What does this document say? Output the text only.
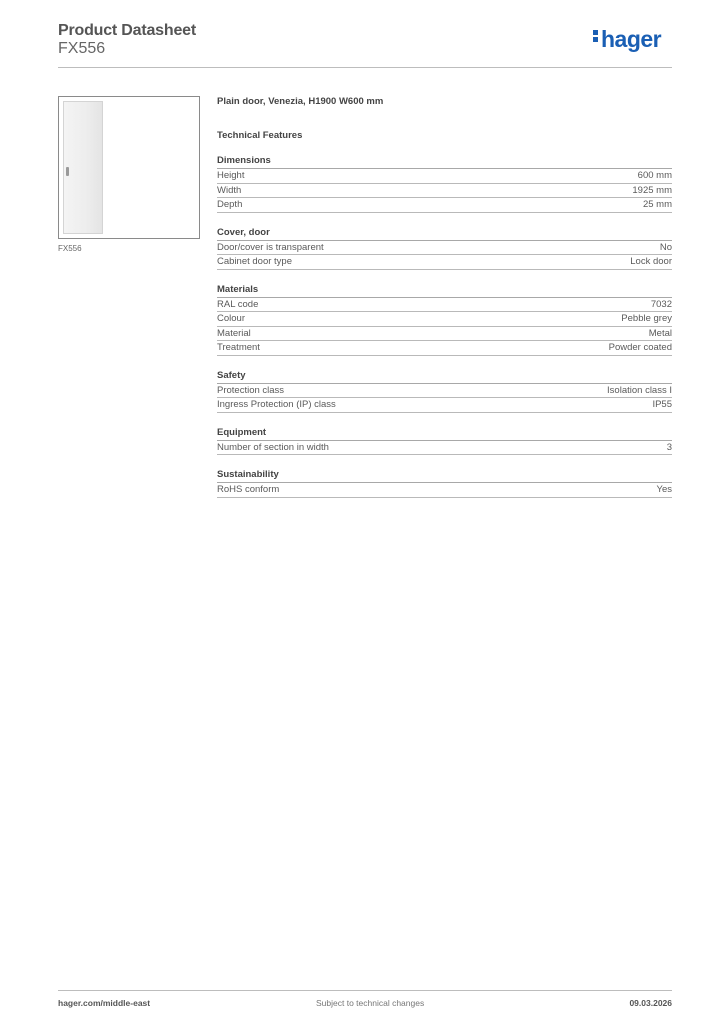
Product Datasheet
FX556	hager
FX556
Plain door, Venezia, H1900 W600 mm
Technical Features
Dimensions
Height	600 mm
Width	1925 mm
Depth	25 mm
Cover, door
Door/cover is transparent	No
Cabinet door type	Lock door
Materials
RAL code	7032
Colour	Pebble grey
Material	Metal
Treatment	Powder coated
Safety
Protection class	Isolation class I
Ingress Protection (IP) class	IP55
Equipment
Number of section in width	3
Sustainability
RoHS conform	Yes
hager.com/middle-east	Subject to technical changes	09.03.2026
